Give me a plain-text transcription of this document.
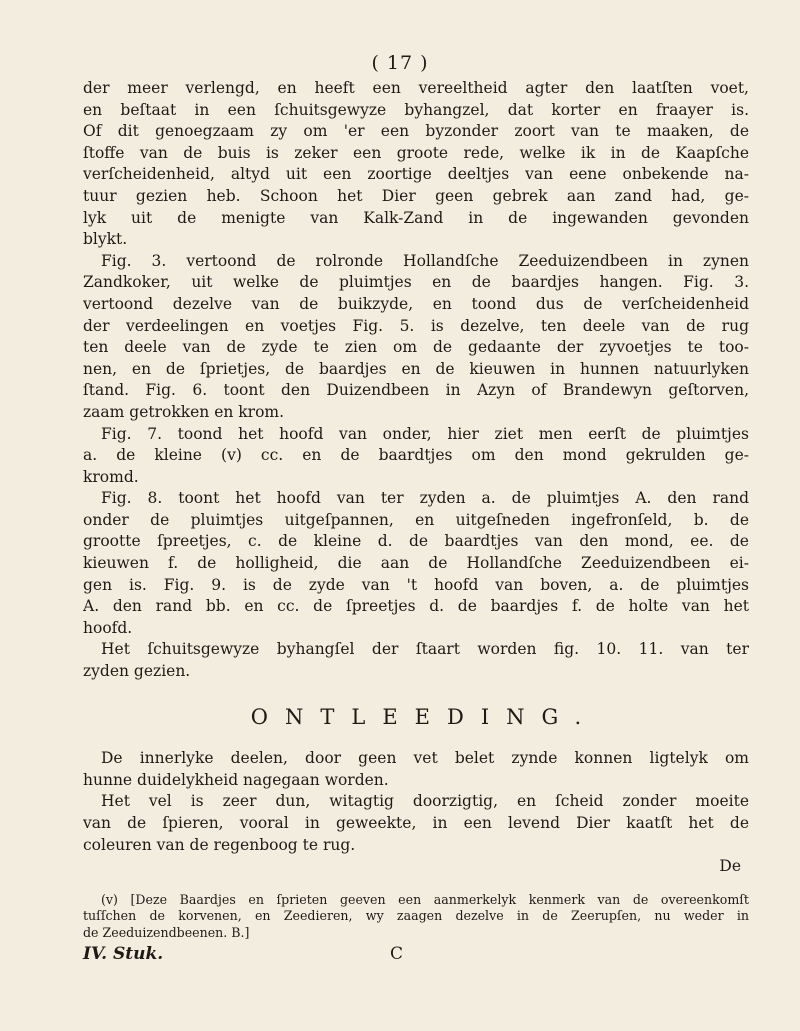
( 17 )
der meer verlengd, en heeft een vereeltheid agter den laatſten voet,
en beſtaat in een ſchuitsgewyze byhangzel, dat korter en fraayer is.
Of dit genoegzaam zy om 'er een byzonder zoort van te maaken, de
ſtoffe van de buis is zeker een groote rede, welke ik in de Kaapſche
verſcheidenheid, altyd uit een zoortige deeltjes van eene onbekende na-
tuur gezien heb. Schoon het Dier geen gebrek aan zand had, ge-
lyk uit de menigte van Kalk-Zand in de ingewanden gevonden
blykt.
Fig. 3. vertoond de rolronde Hollandſche Zeeduizendbeen in zynen
Zandkoker, uit welke de pluimtjes en de baardjes hangen. Fig. 3.
vertoond dezelve van de buikzyde, en toond dus de verſcheidenheid
der verdeelingen en voetjes Fig. 5. is dezelve, ten deele van de rug
ten deele van de zyde te zien om de gedaante der zyvoetjes te too-
nen, en de ſprietjes, de baardjes en de kieuwen in hunnen natuurlyken
ſtand. Fig. 6. toont den Duizendbeen in Azyn of Brandewyn geſtorven,
zaam getrokken en krom.
Fig. 7. toond het hoofd van onder, hier ziet men eerſt de pluimtjes
a. de kleine (v) cc. en de baardtjes om den mond gekrulden ge-
kromd.
Fig. 8. toont het hoofd van ter zyden a. de pluimtjes A. den rand
onder de pluimtjes uitgeſpannen, en uitgeſneden ingefronſeld, b. de
grootte ſpreetjes, c. de kleine d. de baardtjes van den mond, ee. de
kieuwen f. de holligheid, die aan de Hollandſche Zeeduizendbeen ei-
gen is. Fig. 9. is de zyde van 't hoofd van boven, a. de pluimtjes
A. den rand bb. en cc. de ſpreetjes d. de baardjes f. de holte van het
hoofd.
Het ſchuitsgewyze byhangſel der ſtaart worden fig. 10. 11. van ter
zyden gezien.
ONTLEEDING.
De innerlyke deelen, door geen vet belet zynde konnen ligtelyk om
hunne duidelykheid nagegaan worden.
Het vel is zeer dun, witagtig doorzigtig, en ſcheid zonder moeite
van de ſpieren, vooral in geweekte, in een levend Dier kaatſt het de
coleuren van de regenboog te rug.
De
(v) [Deze Baardjes en ſprieten geeven een aanmerkelyk kenmerk van de overeenkomſt
tuſſchen de korvenen, en Zeedieren, wy zaagen dezelve in de Zeerupſen, nu weder in
de Zeeduizendbeenen. B.]
IV. Stuk.	C
